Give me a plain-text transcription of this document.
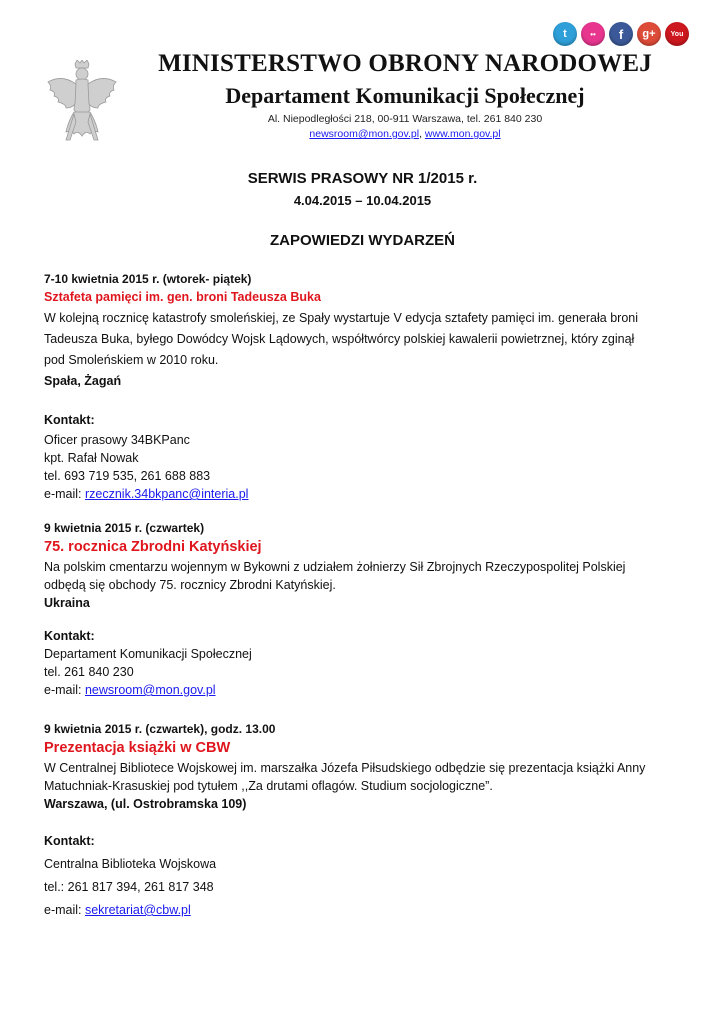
t	••	f	g+	You
MINISTERSTWO OBRONY NARODOWEJ
Departament Komunikacji Społecznej
Al. Niepodległości 218, 00-911 Warszawa, tel. 261 840 230
newsroom@mon.gov.pl, www.mon.gov.pl
SERWIS PRASOWY NR 1/2015 r.
4.04.2015 – 10.04.2015
ZAPOWIEDZI WYDARZEŃ
7-10 kwietnia 2015 r. (wtorek- piątek)
Sztafeta pamięci im. gen. broni Tadeusza Buka
W kolejną rocznicę katastrofy smoleńskiej, ze Spały wystartuje V edycja sztafety pamięci im. generała broni
Tadeusza Buka, byłego Dowódcy Wojsk Lądowych, współtwórcy polskiej kawalerii powietrznej, który zginął
pod Smoleńskiem w 2010 roku.
Spała, Żagań
Kontakt:
Oficer prasowy 34BKPanc
kpt. Rafał Nowak
tel. 693 719 535, 261 688 883
e-mail: rzecznik.34bkpanc@interia.pl
9 kwietnia 2015 r. (czwartek)
75. rocznica Zbrodni Katyńskiej
Na polskim cmentarzu wojennym w Bykowni z udziałem żołnierzy Sił Zbrojnych Rzeczypospolitej Polskiej
odbędą się obchody 75. rocznicy Zbrodni Katyńskiej.
Ukraina
Kontakt:
Departament Komunikacji Społecznej
tel. 261 840 230
e-mail: newsroom@mon.gov.pl
9 kwietnia 2015 r. (czwartek), godz. 13.00
Prezentacja książki w CBW
W Centralnej Bibliotece Wojskowej im. marszałka Józefa Piłsudskiego odbędzie się prezentacja książki Anny
Matuchniak-Krasuskiej pod tytułem ,,Za drutami oflagów. Studium socjologiczne”.
Warszawa, (ul. Ostrobramska 109)
Kontakt:
Centralna Biblioteka Wojskowa
tel.: 261 817 394, 261 817 348
e-mail: sekretariat@cbw.pl
